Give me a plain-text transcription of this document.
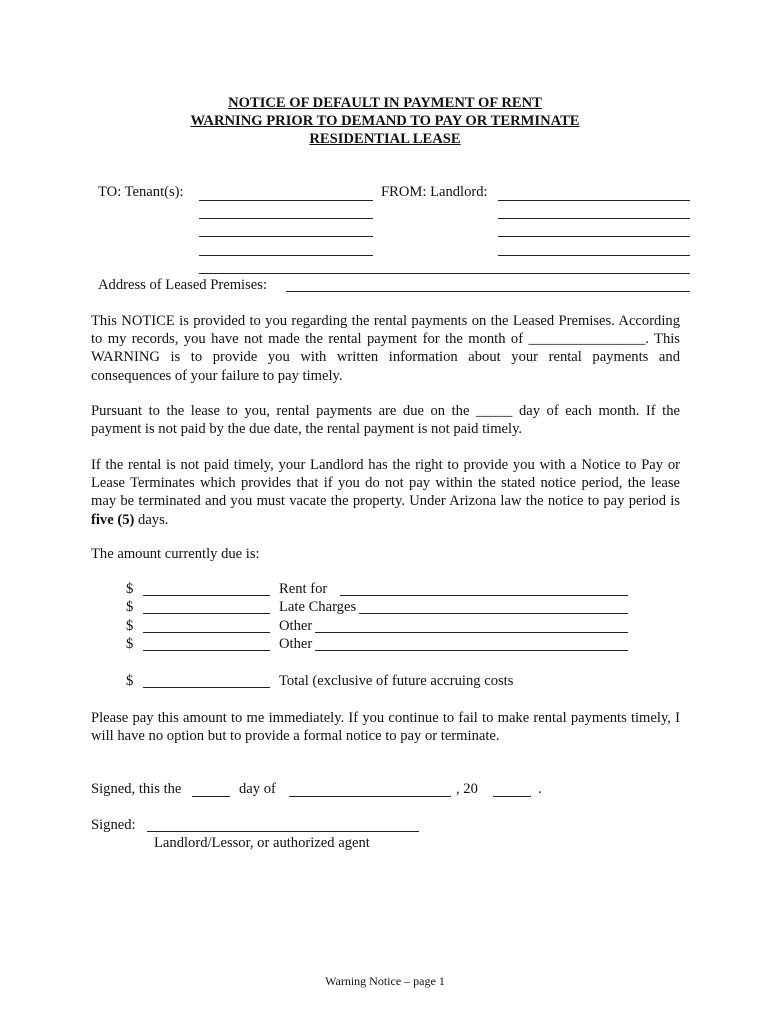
NOTICE OF DEFAULT IN PAYMENT OF RENT
WARNING PRIOR TO DEMAND TO PAY OR TERMINATE
RESIDENTIAL LEASE
TO: Tenant(s):	FROM: Landlord:
Address of Leased Premises:

This NOTICE is provided to you regarding the rental payments on the Leased Premises. According to my records, you have not made the rental payment for the month of ________________. This WARNING is to provide you with written information about your rental payments and consequences of your failure to pay timely.

Pursuant to the lease to you, rental payments are due on the _____ day of each month. If the payment is not paid by the due date, the rental payment is not paid timely.

If the rental is not paid timely, your Landlord has the right to provide you with a Notice to Pay or Lease Terminates which provides that if you do not pay within the stated notice period, the lease may be terminated and you must vacate the property. Under Arizona law the notice to pay period is five (5) days.

The amount currently due is:
$	Rent for
$	Late Charges
$	Other
$	Other
$	Total (exclusive of future accruing costs

Please pay this amount to me immediately. If you continue to fail to make rental payments timely, I will have no option but to provide a formal notice to pay or terminate.

Signed, this the	day of	, 20	.
Signed:
Landlord/Lessor, or authorized agent
Warning Notice – page 1
